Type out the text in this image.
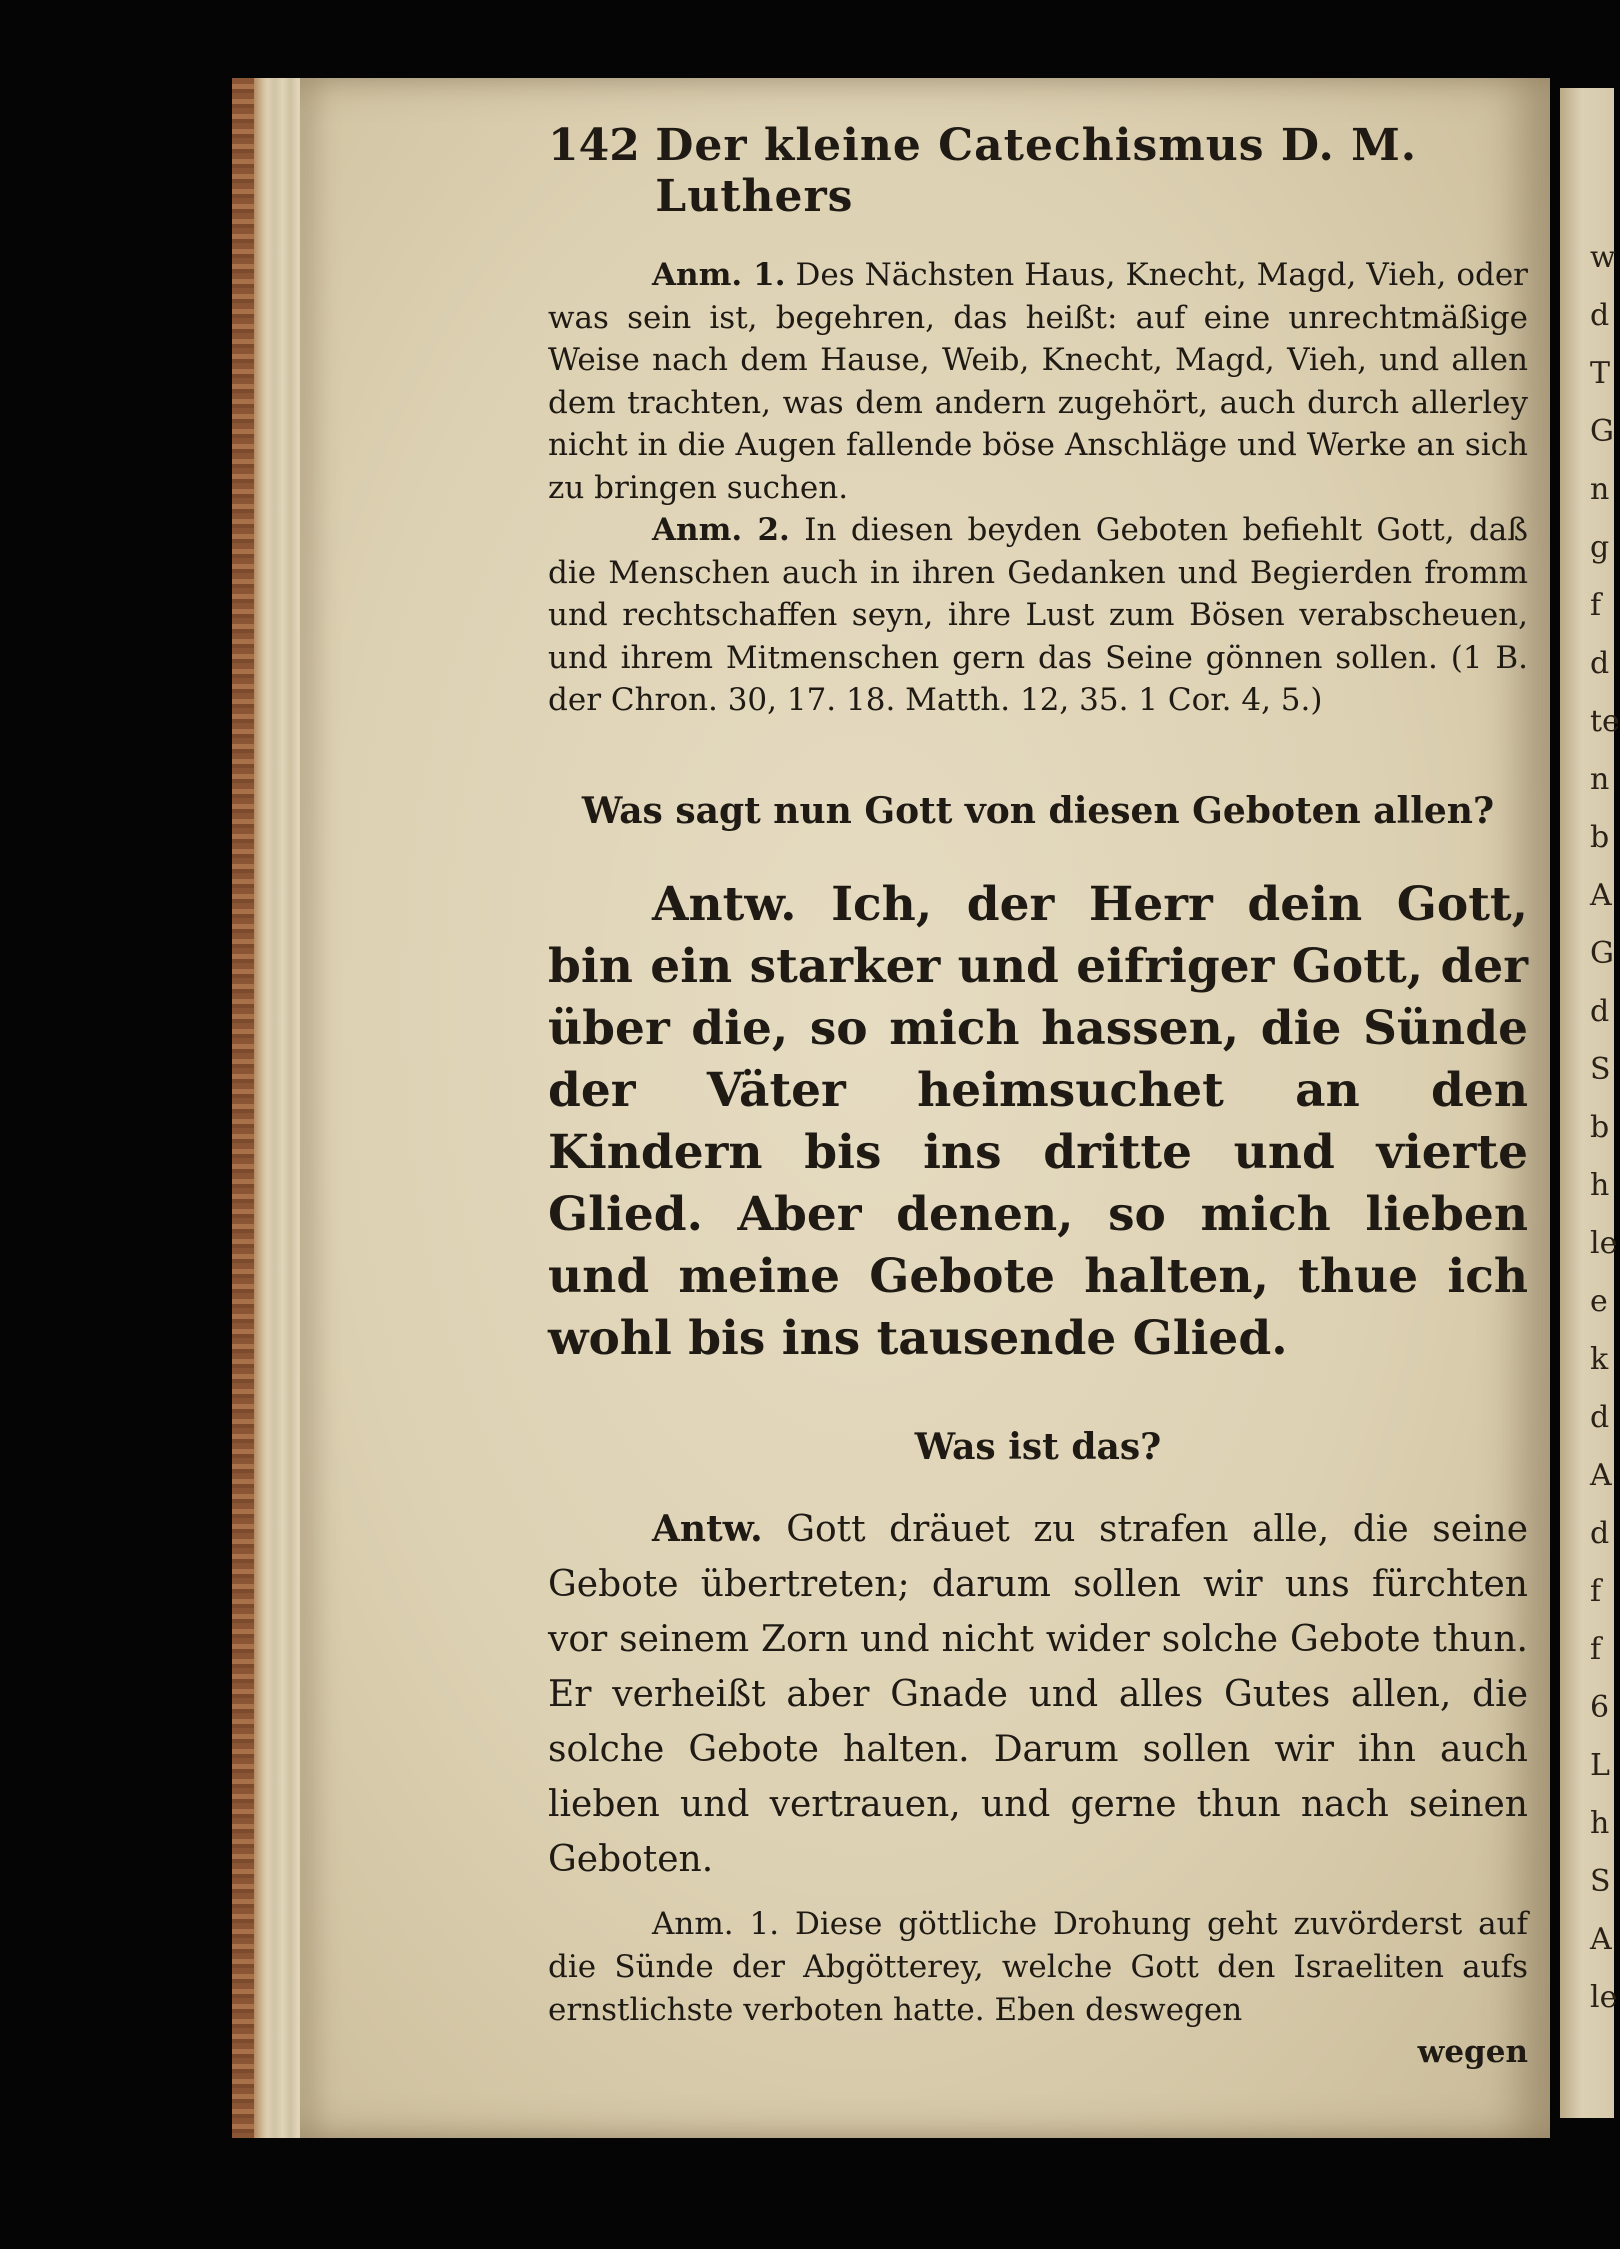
w
d
T
G
n
g
f
d
te
n
b
A
G
d
S
b
h
le
e
k
d
A
d
f
f
6
L
h
S
A
le
142 Der kleine Catechismus D. M. Luthers

Anm. 1. Des Nächsten Haus, Knecht, Magd, Vieh, oder was sein ist, begehren, das heißt: auf eine unrechtmäßige Weise nach dem Hause, Weib, Knecht, Magd, Vieh, und allen dem trachten, was dem andern zugehört, auch durch allerley nicht in die Augen fallende böse Anschläge und Werke an sich zu bringen suchen.

Anm. 2. In diesen beyden Geboten befiehlt Gott, daß die Menschen auch in ihren Gedanken und Begierden fromm und rechtschaffen seyn, ihre Lust zum Bösen verabscheuen, und ihrem Mitmenschen gern das Seine gönnen sollen. (1 B. der Chron. 30, 17. 18. Matth. 12, 35. 1 Cor. 4, 5.)

Was sagt nun Gott von diesen Geboten allen?

Antw. Ich, der Herr dein Gott, bin ein starker und eifriger Gott, der über die, so mich hassen, die Sünde der Väter heimsuchet an den Kindern bis ins dritte und vierte Glied. Aber denen, so mich lieben und meine Gebote halten, thue ich wohl bis ins tausende Glied.

Was ist das?

Antw. Gott dräuet zu strafen alle, die seine Gebote übertreten; darum sollen wir uns fürchten vor seinem Zorn und nicht wider solche Gebote thun. Er verheißt aber Gnade und alles Gutes allen, die solche Gebote halten. Darum sollen wir ihn auch lieben und vertrauen, und gerne thun nach seinen Geboten.

Anm. 1. Diese göttliche Drohung geht zuvörderst auf die Sünde der Abgötterey, welche Gott den Israeliten aufs ernstlichste verboten hatte. Eben deswegen

wegen
